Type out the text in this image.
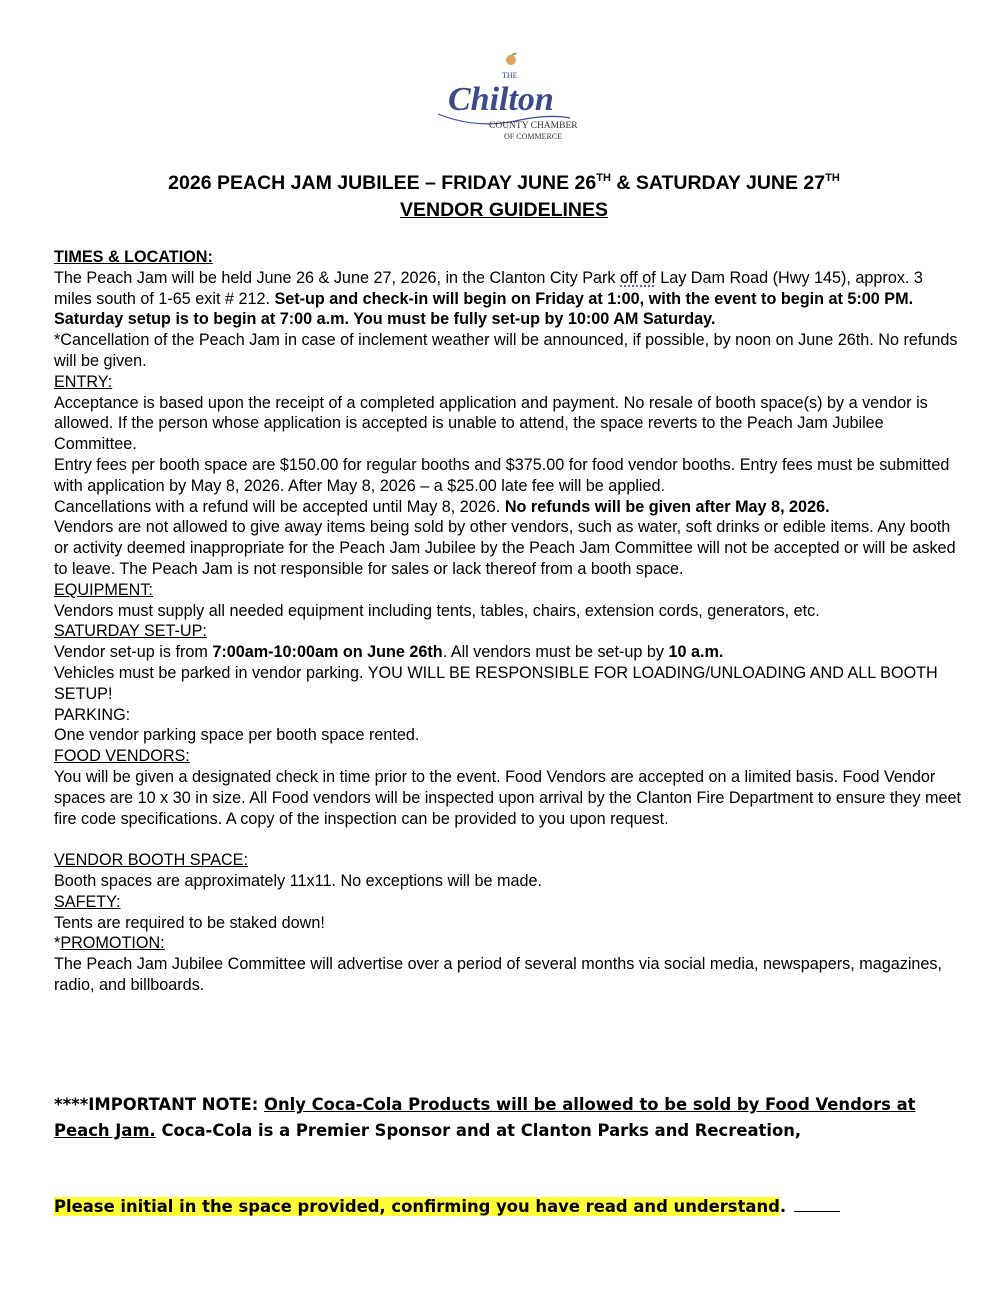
THE
Chilton
COUNTY CHAMBER
OF COMMERCE
2026 PEACH JAM JUBILEE – FRIDAY JUNE 26TH & SATURDAY JUNE 27TH
VENDOR GUIDELINES

TIMES & LOCATION:

The Peach Jam will be held June 26 & June 27, 2026, in the Clanton City Park off of Lay Dam Road (Hwy 145), approx. 3 miles south of 1-65 exit # 212. Set-up and check-in will begin on Friday at 1:00, with the event to begin at 5:00 PM. Saturday setup is to begin at 7:00 a.m. You must be fully set-up by 10:00 AM Saturday.

*Cancellation of the Peach Jam in case of inclement weather will be announced, if possible, by noon on June 26th. No refunds will be given.

ENTRY:

Acceptance is based upon the receipt of a completed application and payment. No resale of booth space(s) by a vendor is allowed. If the person whose application is accepted is unable to attend, the space reverts to the Peach Jam Jubilee Committee.

Entry fees per booth space are $150.00 for regular booths and $375.00 for food vendor booths. Entry fees must be submitted with application by May 8, 2026. After May 8, 2026 – a $25.00 late fee will be applied.

Cancellations with a refund will be accepted until May 8, 2026. No refunds will be given after May 8, 2026.

Vendors are not allowed to give away items being sold by other vendors, such as water, soft drinks or edible items. Any booth or activity deemed inappropriate for the Peach Jam Jubilee by the Peach Jam Committee will not be accepted or will be asked to leave. The Peach Jam is not responsible for sales or lack thereof from a booth space.

EQUIPMENT:

Vendors must supply all needed equipment including tents, tables, chairs, extension cords, generators, etc.

SATURDAY SET-UP:

Vendor set-up is from 7:00am-10:00am on June 26th. All vendors must be set-up by 10 a.m.

Vehicles must be parked in vendor parking. YOU WILL BE RESPONSIBLE FOR LOADING/UNLOADING AND ALL BOOTH SETUP!

PARKING:

One vendor parking space per booth space rented.

FOOD VENDORS:

You will be given a designated check in time prior to the event. Food Vendors are accepted on a limited basis. Food Vendor spaces are 10 x 30 in size. All Food vendors will be inspected upon arrival by the Clanton Fire Department to ensure they meet fire code specifications. A copy of the inspection can be provided to you upon request.

VENDOR BOOTH SPACE:

Booth spaces are approximately 11x11. No exceptions will be made.

SAFETY:

Tents are required to be staked down!

*PROMOTION:

The Peach Jam Jubilee Committee will advertise over a period of several months via social media, newspapers, magazines, radio, and billboards.

****IMPORTANT NOTE: Only Coca-Cola Products will be allowed to be sold by Food Vendors at Peach Jam. Coca-Cola is a Premier Sponsor and at Clanton Parks and Recreation,
Please initial in the space provided, confirming you have read and understand.
